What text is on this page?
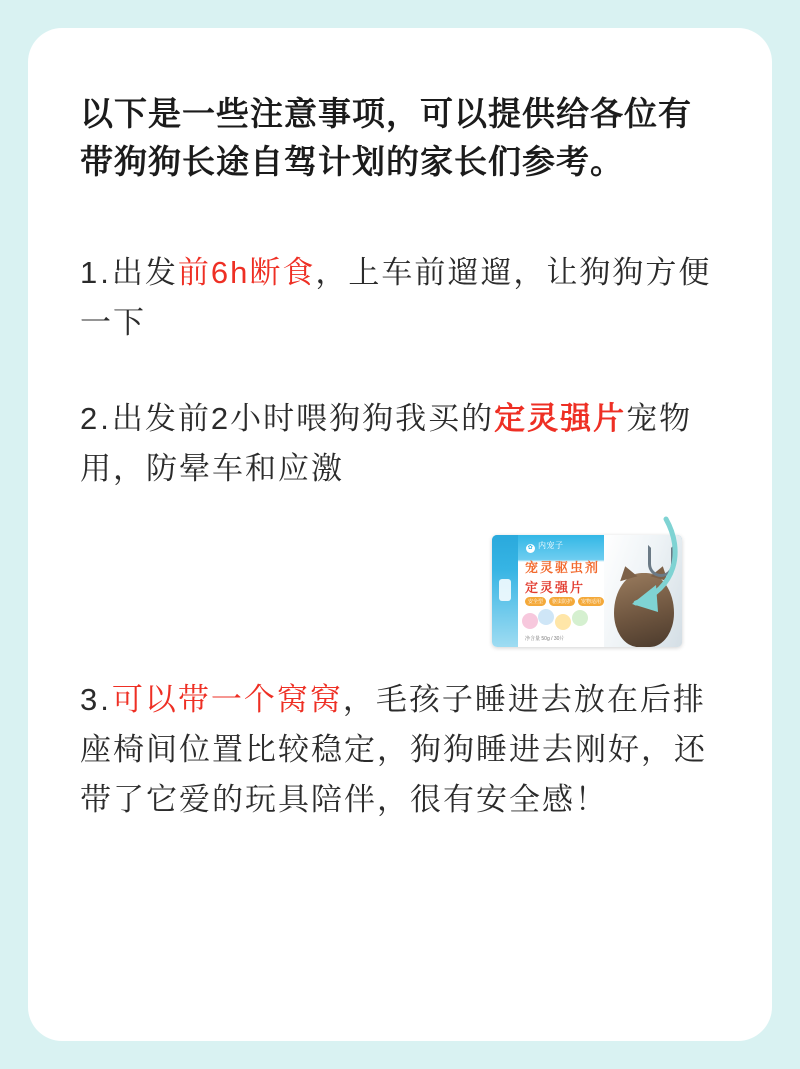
以下是一些注意事项，可以提供给各位有带狗狗长途自驾计划的家长们参考。

1.出发前6h断食，上车前遛遛，让狗狗方便一下

2.出发前2小时喂狗狗我买的定灵强片宠物用，防晕车和应激

✿ 内宠子
宠灵驱虫剂
定灵强片
安全型	驱虫防护	宠物适用
净含量 50g / 30片

3.可以带一个窝窝，毛孩子睡进去放在后排座椅间位置比较稳定，狗狗睡进去刚好，还带了它爱的玩具陪伴，很有安全感！
